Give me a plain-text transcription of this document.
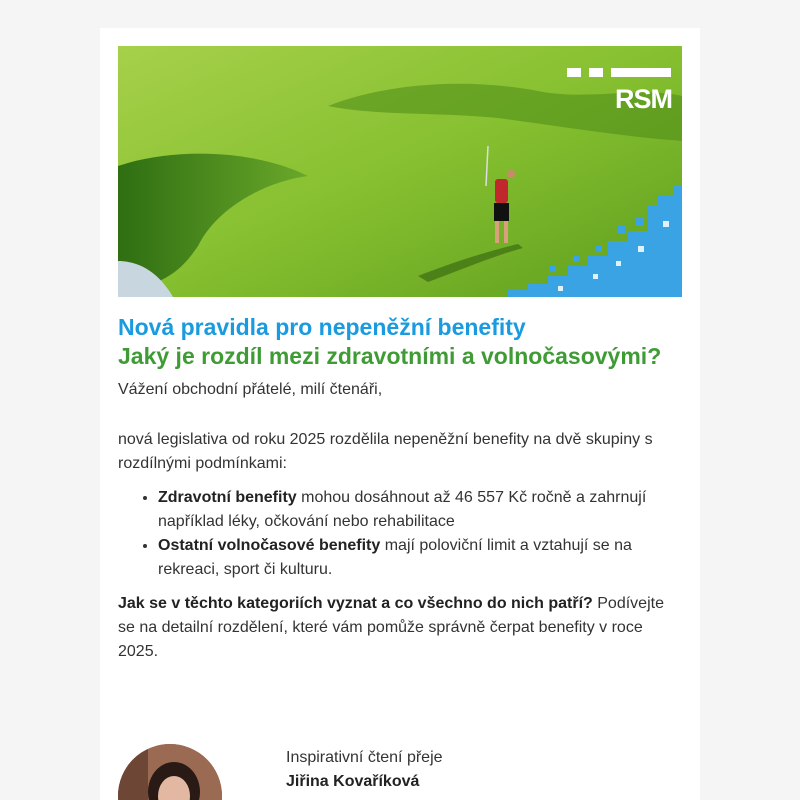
RSM
Nová pravidla pro nepeněžní benefity
Jaký je rozdíl mezi zdravotními a volnočasovými?

Vážení obchodní přátelé, milí čtenáři,

nová legislativa od roku 2025 rozdělila nepeněžní benefity na dvě skupiny s rozdílnými podmínkami:

• Zdravotní benefity mohou dosáhnout až 46 557 Kč ročně a zahrnují například léky, očkování nebo rehabilitace
• Ostatní volnočasové benefity mají poloviční limit a vztahují se na rekreaci, sport či kulturu.

Jak se v těchto kategoriích vyznat a co všechno do nich patří? Podívejte se na detailní rozdělení, které vám pomůže správně čerpat benefity v roce 2025.

Inspirativní čtení přeje

Jiřina Kovaříková
